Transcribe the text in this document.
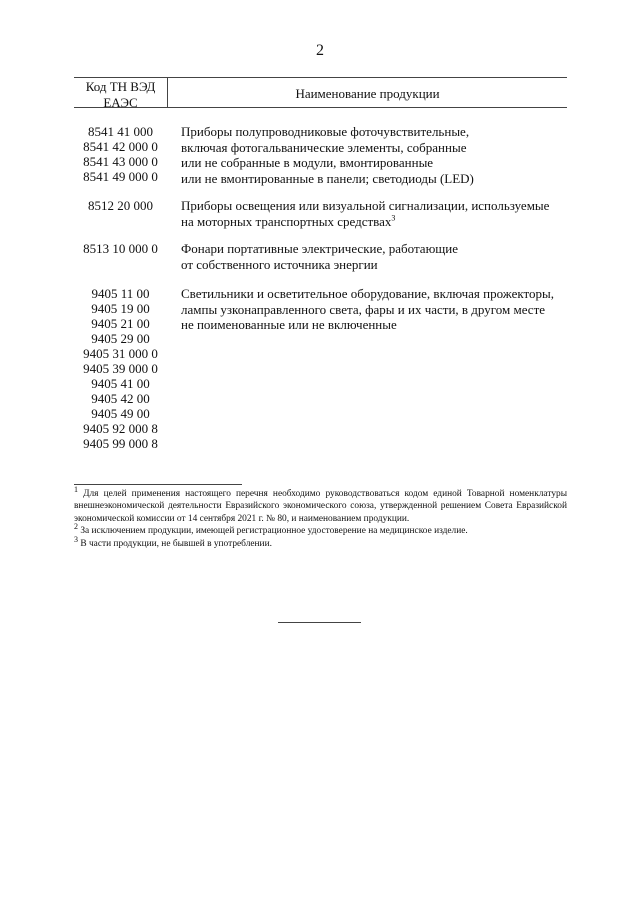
2
Код ТН ВЭД
ЕАЭС
Наименование продукции
8541 41 000
8541 42 000 0
8541 43 000 0
8541 49 000 0
Приборы полупроводниковые фоточувствительные,
включая фотогальванические элементы, собранные
или не собранные в модули, вмонтированные
или не вмонтированные в панели; светодиоды (LED)
8512 20 000	Приборы освещения или визуальной сигнализации, используемые
на моторных транспортных средствах$^3$
8513 10 000 0	Фонари портативные электрические, работающие
от собственного источника энергии
9405 11 00
9405 19 00
9405 21 00
9405 29 00
9405 31 000 0
9405 39 000 0
9405 41 00
9405 42 00
9405 49 00
9405 92 000 8
9405 99 000 8
Светильники и осветительное оборудование, включая прожекторы,
лампы узконаправленного света, фары и их части, в другом месте
не поименованные или не включенные

$^1$ Для целей применения настоящего перечня необходимо руководствоваться кодом единой Товарной номенклатуры внешнеэкономической деятельности Евразийского экономического союза, утвержденной решением Совета Евразийской экономической комиссии от 14 сентября 2021 г. № 80, и наименованием продукции.

$^2$ За исключением продукции, имеющей регистрационное удостоверение на медицинское изделие.

$^3$ В части продукции, не бывшей в употреблении.
